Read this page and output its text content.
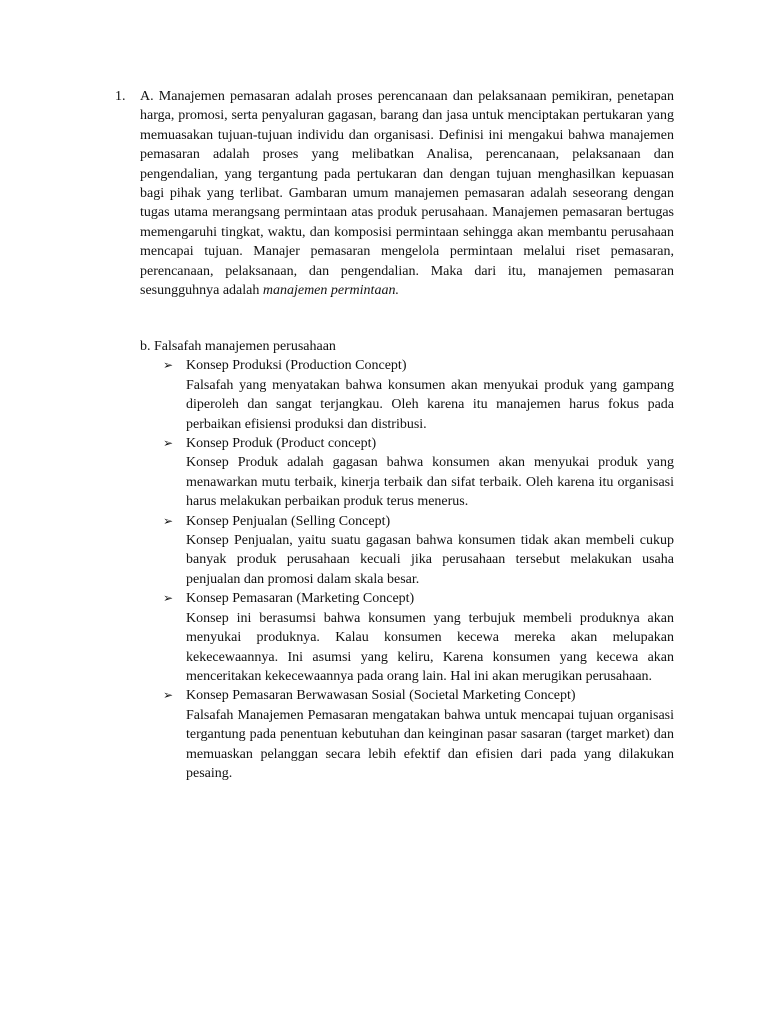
1. A. Manajemen pemasaran adalah proses perencanaan dan pelaksanaan pemikiran, penetapan harga, promosi, serta penyaluran gagasan, barang dan jasa untuk menciptakan pertukaran yang memuasakan tujuan-tujuan individu dan organisasi. Definisi ini mengakui bahwa manajemen pemasaran adalah proses yang melibatkan Analisa, perencanaan, pelaksanaan dan pengendalian, yang tergantung pada pertukaran dan dengan tujuan menghasilkan kepuasan bagi pihak yang terlibat. Gambaran umum manajemen pemasaran adalah seseorang dengan tugas utama merangsang permintaan atas produk perusahaan. Manajemen pemasaran bertugas memengaruhi tingkat, waktu, dan komposisi permintaan sehingga akan membantu perusahaan mencapai tujuan. Manajer pemasaran mengelola permintaan melalui riset pemasaran, perencanaan, pelaksanaan, dan pengendalian. Maka dari itu, manajemen pemasaran sesungguhnya adalah manajemen permintaan.

b. Falsafah manajemen perusahaan

➢ Konsep Produksi (Production Concept)

Falsafah yang menyatakan bahwa konsumen akan menyukai produk yang gampang diperoleh dan sangat terjangkau. Oleh karena itu manajemen harus fokus pada perbaikan efisiensi produksi dan distribusi.

➢ Konsep Produk (Product concept)

Konsep Produk adalah gagasan bahwa konsumen akan menyukai produk yang menawarkan mutu terbaik, kinerja terbaik dan sifat terbaik. Oleh karena itu organisasi harus melakukan perbaikan produk terus menerus.

➢ Konsep Penjualan (Selling Concept)

Konsep Penjualan, yaitu suatu gagasan bahwa konsumen tidak akan membeli cukup banyak produk perusahaan kecuali jika perusahaan tersebut melakukan usaha penjualan dan promosi dalam skala besar.

➢ Konsep Pemasaran (Marketing Concept)

Konsep ini berasumsi bahwa konsumen yang terbujuk membeli produknya akan menyukai produknya. Kalau konsumen kecewa mereka akan melupakan kekecewaannya. Ini asumsi yang keliru, Karena konsumen yang kecewa akan menceritakan kekecewaannya pada orang lain. Hal ini akan merugikan perusahaan.

➢ Konsep Pemasaran Berwawasan Sosial (Societal Marketing Concept)

Falsafah Manajemen Pemasaran mengatakan bahwa untuk mencapai tujuan organisasi tergantung pada penentuan kebutuhan dan keinginan pasar sasaran (target market) dan memuaskan pelanggan secara lebih efektif dan efisien dari pada yang dilakukan pesaing.
